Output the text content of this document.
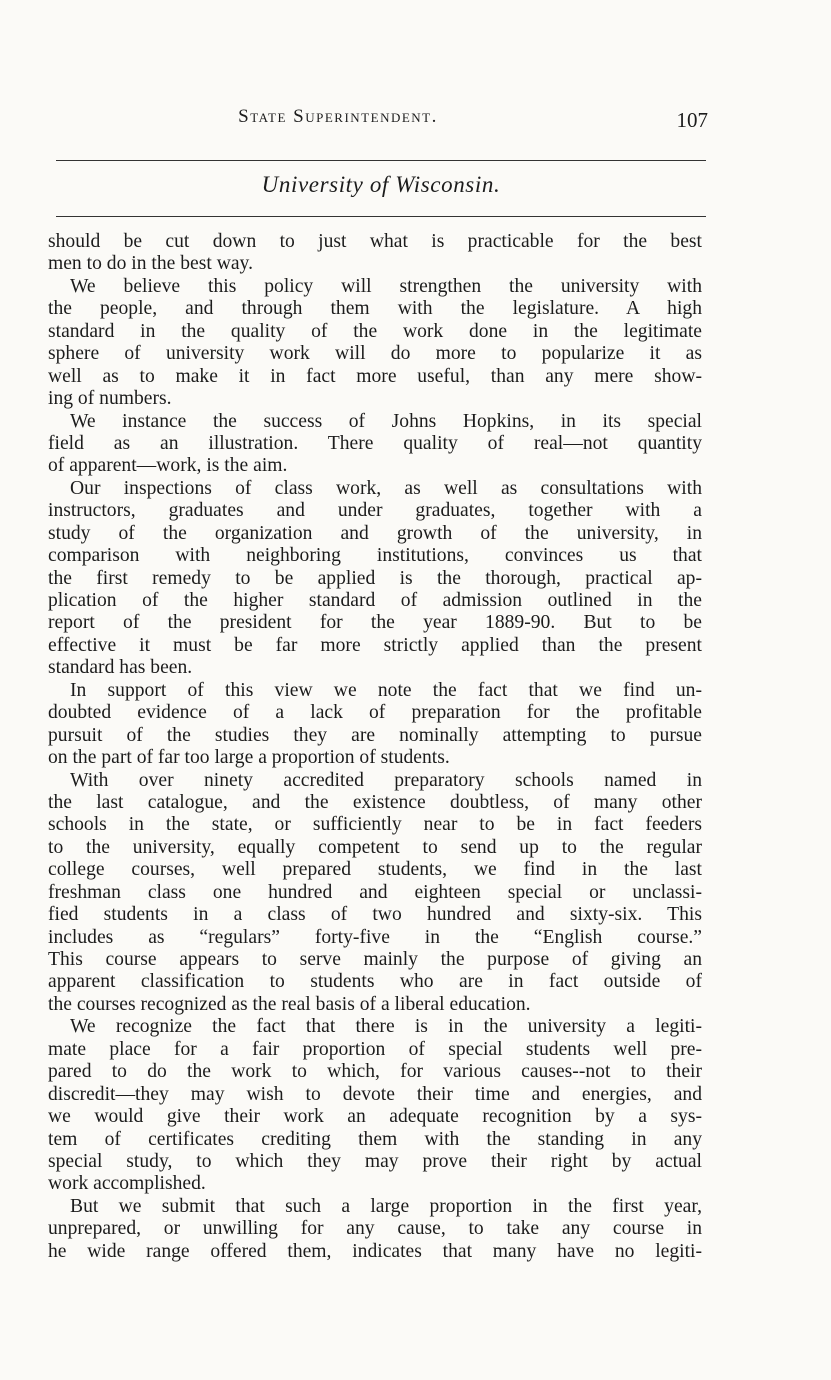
State Superintendent.	107
University of Wisconsin.
should be cut down to just what is practicable for the best
men to do in the best way.
We believe this policy will strengthen the university with
the people, and through them with the legislature. A high
standard in the quality of the work done in the legitimate
sphere of university work will do more to popularize it as
well as to make it in fact more useful, than any mere show-
ing of numbers.
We instance the success of Johns Hopkins, in its special
field as an illustration. There quality of real—not quantity
of apparent—work, is the aim.
Our inspections of class work, as well as consultations with
instructors, graduates and under graduates, together with a
study of the organization and growth of the university, in
comparison with neighboring institutions, convinces us that
the first remedy to be applied is the thorough, practical ap-
plication of the higher standard of admission outlined in the
report of the president for the year 1889-90. But to be
effective it must be far more strictly applied than the present
standard has been.
In support of this view we note the fact that we find un-
doubted evidence of a lack of preparation for the profitable
pursuit of the studies they are nominally attempting to pursue
on the part of far too large a proportion of students.
With over ninety accredited preparatory schools named in
the last catalogue, and the existence doubtless, of many other
schools in the state, or sufficiently near to be in fact feeders
to the university, equally competent to send up to the regular
college courses, well prepared students, we find in the last
freshman class one hundred and eighteen special or unclassi-
fied students in a class of two hundred and sixty-six. This
includes as “regulars” forty-five in the “English course.”
This course appears to serve mainly the purpose of giving an
apparent classification to students who are in fact outside of
the courses recognized as the real basis of a liberal education.
We recognize the fact that there is in the university a legiti-
mate place for a fair proportion of special students well pre-
pared to do the work to which, for various causes--not to their
discredit—they may wish to devote their time and energies, and
we would give their work an adequate recognition by a sys-
tem of certificates crediting them with the standing in any
special study, to which they may prove their right by actual
work accomplished.
But we submit that such a large proportion in the first year,
unprepared, or unwilling for any cause, to take any course in
he wide range offered them, indicates that many have no legiti-
